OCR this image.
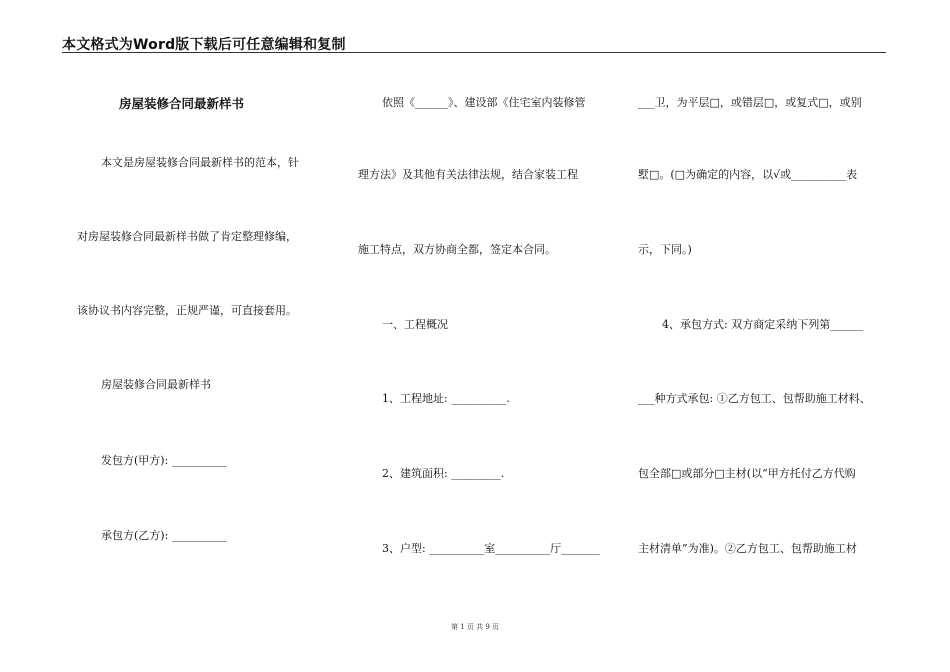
本文格式为Word版下载后可任意编辑和复制
房屋装修合同最新样书
本文是房屋装修合同最新样书的范本，针
对房屋装修合同最新样书做了肯定整理修编，
该协议书内容完整，正规严谨，可直接套用。
房屋装修合同最新样书
发包方(甲方): __________
承包方(乙方): __________
依照《______》、建设部《住宅室内装修管
理方法》及其他有关法律法规，结合家装工程
施工特点，双方协商全都，签定本合同。
一、工程概况
1、工程地址: __________.
2、建筑面积: _________.
3、户型: __________室__________厅_______
___卫，为平层□，或错层□，或复式□，或别
墅□。(□为确定的内容，以√或__________表
示，下同。)
4、承包方式: 双方商定采纳下列第______
___种方式承包: ①乙方包工、包帮助施工材料、
包全部□或部分□主材(以“甲方托付乙方代购
主材清单”为准)。②乙方包工、包帮助施工材
第 1 页 共 9 页
